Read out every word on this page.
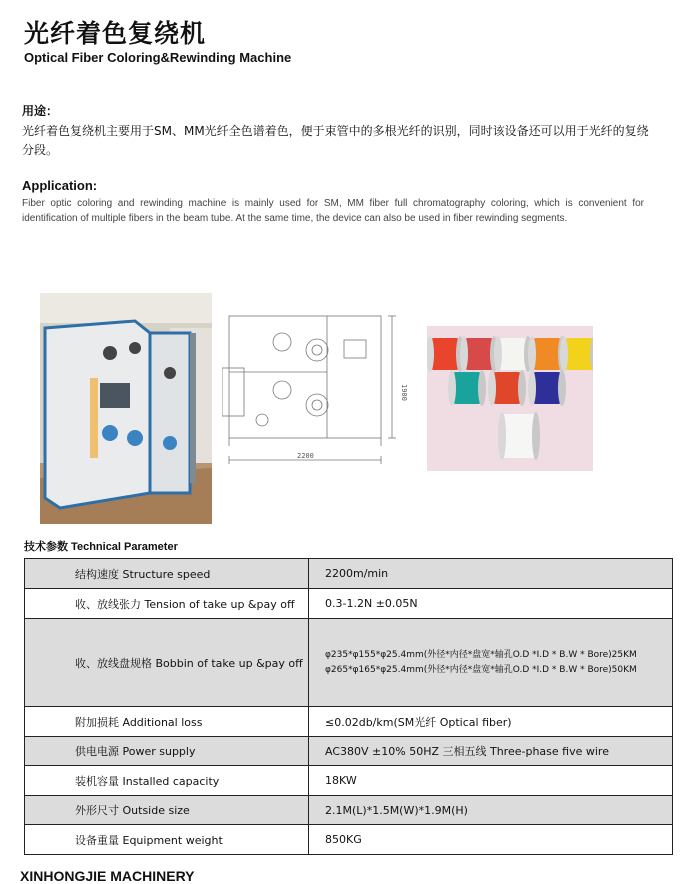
光纤着色复绕机
Optical Fiber Coloring&Rewinding Machine
用途：
光纤着色复绕机主要用于SM、MM光纤全色谱着色，便于束管中的多根光纤的识别，同时该设备还可以用于光纤的复绕分段。
Application:
Fiber optic coloring and rewinding machine is mainly used for SM, MM fiber full chromatography coloring, which is convenient for identification of multiple fibers in the beam tube. At the same time, the device can also be used in fiber rewinding segments.
2200
1900
技术参数 Technical Parameter
结构速度 Structure speed	2200m/min
收、放线张力 Tension of take up &pay off	0.3-1.2N ±0.05N
收、放线盘规格 Bobbin of take up &pay off	φ235*φ155*φ25.4mm(外径*内径*盘宽*轴孔O.D *I.D * B.W * Bore)25KM
φ265*φ165*φ25.4mm(外径*内径*盘宽*轴孔O.D *I.D * B.W * Bore)50KM

附加损耗 Additional loss	≤0.02db/km(SM光纤 Optical fiber)
供电电源 Power supply	AC380V ±10% 50HZ 三相五线 Three-phase five wire
装机容量 Installed capacity	18KW
外形尺寸 Outside size	2.1M(L)*1.5M(W)*1.9M(H)
设备重量 Equipment weight	850KG
XINHONGJIE MACHINERY
